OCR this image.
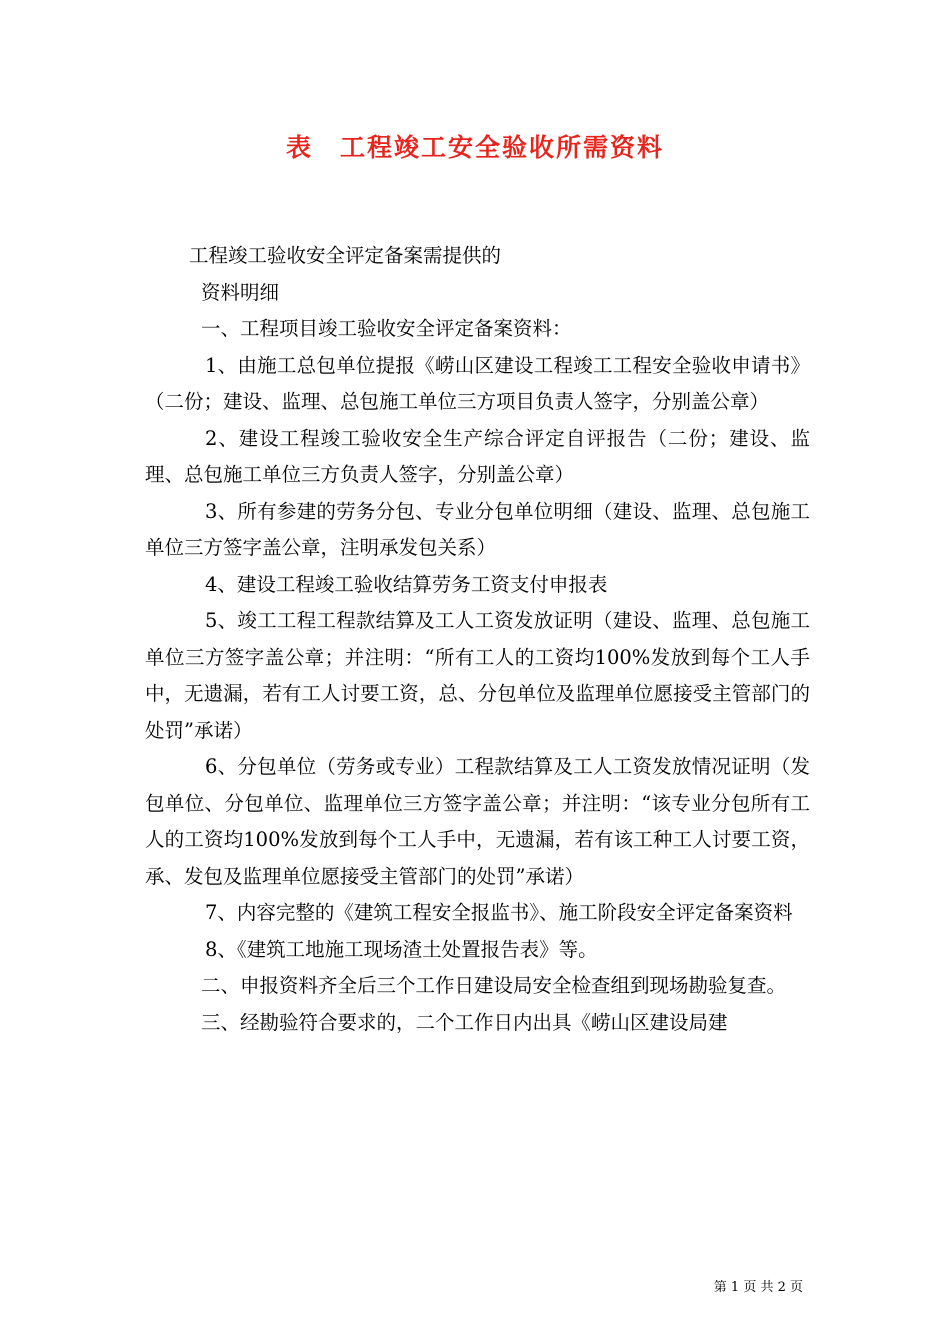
表　工程竣工安全验收所需资料

工程竣工验收安全评定备案需提供的

资料明细

一、工程项目竣工验收安全评定备案资料：

1、由施工总包单位提报《崂山区建设工程竣工工程安全验收申请书》（二份；建设、监理、总包施工单位三方项目负责人签字，分别盖公章）

2、建设工程竣工验收安全生产综合评定自评报告（二份；建设、监理、总包施工单位三方负责人签字，分别盖公章）

3、所有参建的劳务分包、专业分包单位明细（建设、监理、总包施工单位三方签字盖公章，注明承发包关系）

4、建设工程竣工验收结算劳务工资支付申报表

5、竣工工程工程款结算及工人工资发放证明（建设、监理、总包施工单位三方签字盖公章；并注明：“所有工人的工资均100%发放到每个工人手中，无遗漏，若有工人讨要工资，总、分包单位及监理单位愿接受主管部门的处罚”承诺）

6、分包单位（劳务或专业）工程款结算及工人工资发放情况证明（发包单位、分包单位、监理单位三方签字盖公章；并注明：“该专业分包所有工人的工资均100%发放到每个工人手中，无遗漏，若有该工种工人讨要工资，承、发包及监理单位愿接受主管部门的处罚”承诺）

7、内容完整的《建筑工程安全报监书》、施工阶段安全评定备案资料

8、《建筑工地施工现场渣土处置报告表》等。

二、申报资料齐全后三个工作日建设局安全检查组到现场勘验复查。

三、经勘验符合要求的，二个工作日内出具《崂山区建设局建

第 1 页 共 2 页
